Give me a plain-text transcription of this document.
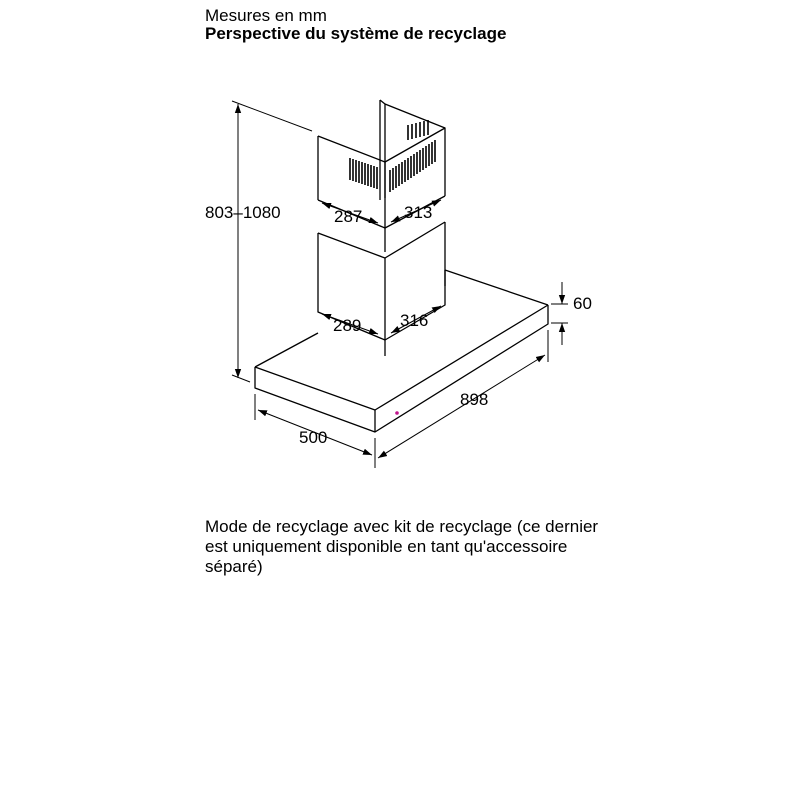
Mesures en mm
Perspective du système de recyclage
803–1080	287 313
289 316
60
898
500
Mode de recyclage avec kit de recyclage (ce dernier est uniquement disponible en tant qu'accessoire séparé)
